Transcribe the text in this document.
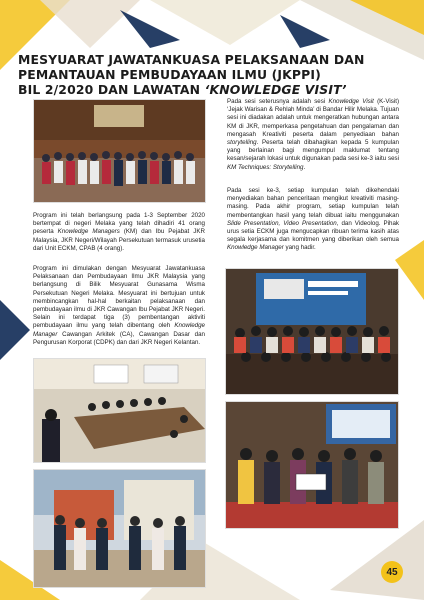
MESYUARAT JAWATANKUASA PELAKSANAAN DAN
PEMANTAUAN PEMBUDAYAAN ILMU (JKPPI)
BIL 2/2020 DAN LAWATAN ‘KNOWLEDGE VISIT’

Program ini telah berlangsung pada 1-3 September 2020 bertempat di negeri Melaka yang telah dihadiri 41 orang peserta Knowledge Managers (KM) dan Ibu Pejabat JKR Malaysia, JKR Negeri/Wilayah Persekutuan termasuk urusetia dari Unit ECKM, CPAB (4 orang).

Program ini dimulakan dengan Mesyuarat Jawatankuasa Pelaksanaan dan Pembudayaan Ilmu JKR Malaysia yang berlangsung di Bilik Mesyuarat Gunasama Wisma Persekutuan Negeri Melaka. Mesyuarat ini bertujuan untuk membincangkan hal-hal berkaitan pelaksanaan dan pembudayaan ilmu di JKR Cawangan Ibu Pejabat JKR Negeri. Selain ini terdapat tiga (3) pembentangan aktiviti pembudayaan ilmu yang telah dibentang oleh Knowledge Manager Cawangan Arkitek (CA), Cawangan Dasar dan Pengurusan Korporat (CDPK) dan dari JKR Negeri Kelantan.

Pada sesi seterusnya adalah sesi Knowledge Visit (K-Visit) ‘Jejak Warisan & Rehlah Minda’ di Bandar Hilir Melaka. Tujuan sesi ini diadakan adalah untuk mengeratkan hubungan antara KM di JKR, memperkasa pengetahuan dan pengalaman dan mengasah Kreativiti peserta dalam penyediaan bahan storytelling. Peserta telah dibahagikan kepada 5 kumpulan yang berlainan bagi mengumpul maklumat tentang kesan/sejarah lokasi untuk digunakan pada sesi ke-3 iaitu sesi KM Techniques: Storytelling.

Pada sesi ke-3, setiap kumpulan telah dikehendaki menyediakan bahan penceritaan mengikut kreativiti masing-masing. Pada akhir program, setiap kumpulan telah membentangkan hasil yang telah dibuat iaitu menggunakan Slide Presentation, Video Presentation, dan Videolog. Pihak urus setia ECKM juga mengucapkan ribuan terima kasih atas segala kerjasama dan komitmen yang diberikan oleh semua Knowledge Manager yang hadir.

45
